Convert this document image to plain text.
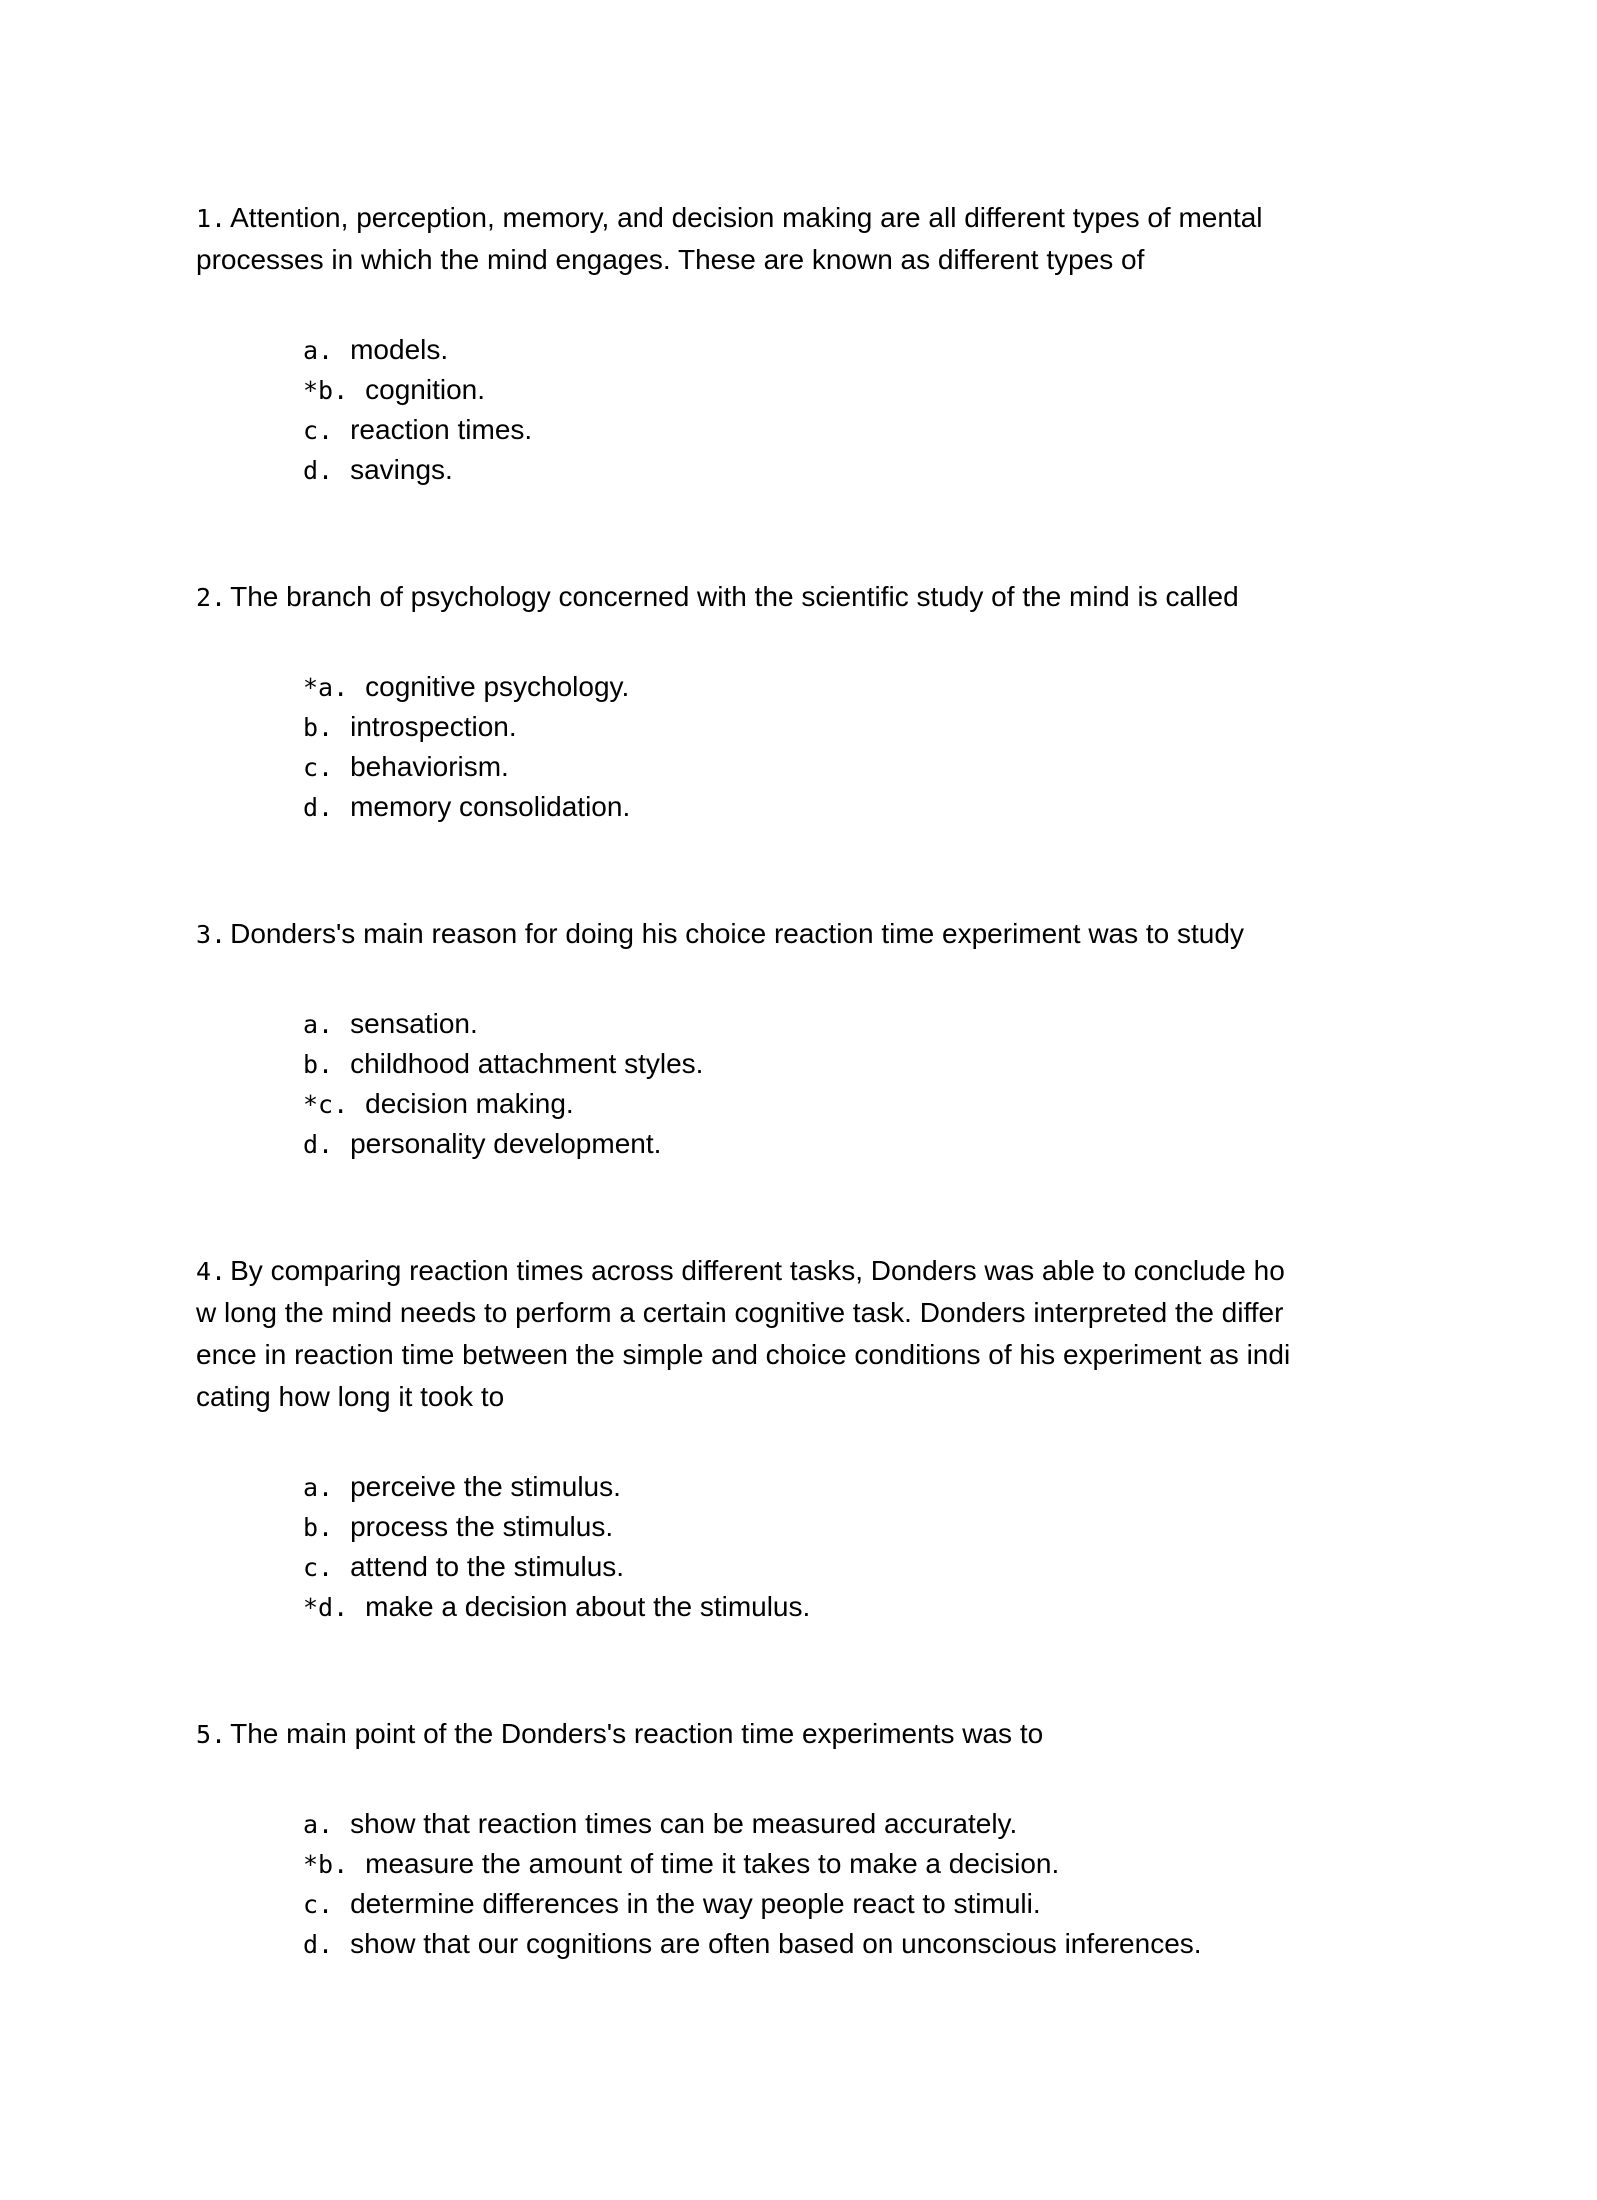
1. Attention, perception, memory, and decision making are all different types of mental
processes in which the mind engages. These are known as different types of
a. models.
*b. cognition.
c. reaction times.
d. savings.
2. The branch of psychology concerned with the scientific study of the mind is called
*a. cognitive psychology.
b. introspection.
c. behaviorism.
d. memory consolidation.
3. Donders's main reason for doing his choice reaction time experiment was to study
a. sensation.
b. childhood attachment styles.
*c. decision making.
d. personality development.
4. By comparing reaction times across different tasks, Donders was able to conclude ho
w long the mind needs to perform a certain cognitive task. Donders interpreted the differ
ence in reaction time between the simple and choice conditions of his experiment as indi
cating how long it took to
a. perceive the stimulus.
b. process the stimulus.
c. attend to the stimulus.
*d. make a decision about the stimulus.
5. The main point of the Donders's reaction time experiments was to
a. show that reaction times can be measured accurately.
*b. measure the amount of time it takes to make a decision.
c. determine differences in the way people react to stimuli.
d. show that our cognitions are often based on unconscious inferences.
